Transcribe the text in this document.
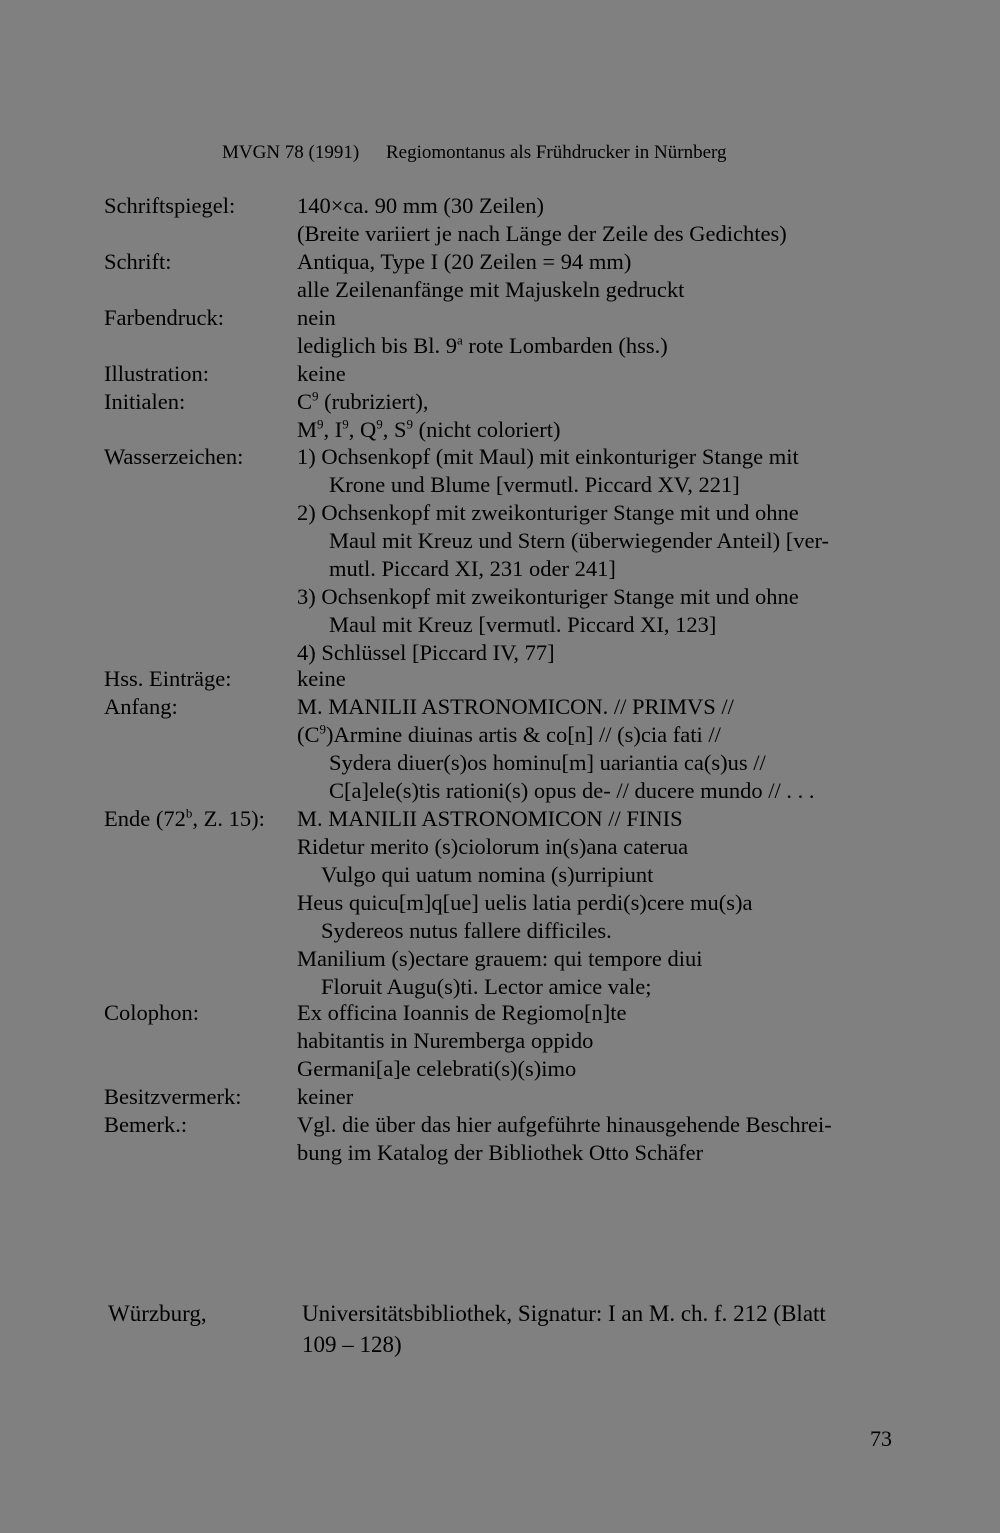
MVGN 78 (1991) Regiomontanus als Frühdrucker in Nürnberg
Schriftspiegel:	140×ca. 90 mm (30 Zeilen)
(Breite variiert je nach Länge der Zeile des Gedichtes)
Schrift:	Antiqua, Type I (20 Zeilen = 94 mm)
alle Zeilenanfänge mit Majuskeln gedruckt
Farbendruck:	nein
lediglich bis Bl. 9$^a$ rote Lombarden (hss.)
Illustration:	keine
Initialen:	$C^9$ (rubriziert),
$M^9$, $I^9$, $Q^9$, $S^9$ (nicht coloriert)
Wasserzeichen: 1) Ochsenkopf (mit Maul) mit einkonturiger Stange mit
Krone und Blume [vermutl. Piccard XV, 221]
2) Ochsenkopf mit zweikonturiger Stange mit und ohne
Maul mit Kreuz und Stern (überwiegender Anteil) [ver-
mutl. Piccard XI, 231 oder 241]
3) Ochsenkopf mit zweikonturiger Stange mit und ohne
Maul mit Kreuz [vermutl. Piccard XI, 123]
4) Schlüssel [Piccard IV, 77]
Hss. Einträge:	keine
Anfang:	M. MANILII ASTRONOMICON. // PRIMVS //
$(C^9)Armine$ diuinas artis & co[n] // (s)cia fati //
Sydera diuer(s)os hominu[m] uariantia ca(s)us //
C[a]ele(s)tis rationi(s) opus de- // ducere mundo // . . .
Ende (72$^b$, Z. 15): M. MANILII ASTRONOMICON // FINIS
Ridetur merito (s)ciolorum in(s)ana caterua
Vulgo qui uatum nomina (s)urripiunt
Heus quicu[m]q[ue] uelis latia perdi(s)cere mu(s)a
Sydereos nutus fallere difficiles.
Manilium (s)ectare grauem: qui tempore diui
Floruit Augu(s)ti. Lector amice vale;
Colophon:	Ex officina Ioannis de Regiomo[n]te
habitantis in Nuremberga oppido
Germani[a]e celebrati(s)(s)imo
Besitzvermerk: keiner
Bemerk.:	Vgl. die über das hier aufgeführte hinausgehende Beschrei-
bung im Katalog der Bibliothek Otto Schäfer
Würzburg,	Universitätsbibliothek, Signatur: I an M. ch. f. 212 (Blatt
109 – 128)
73
